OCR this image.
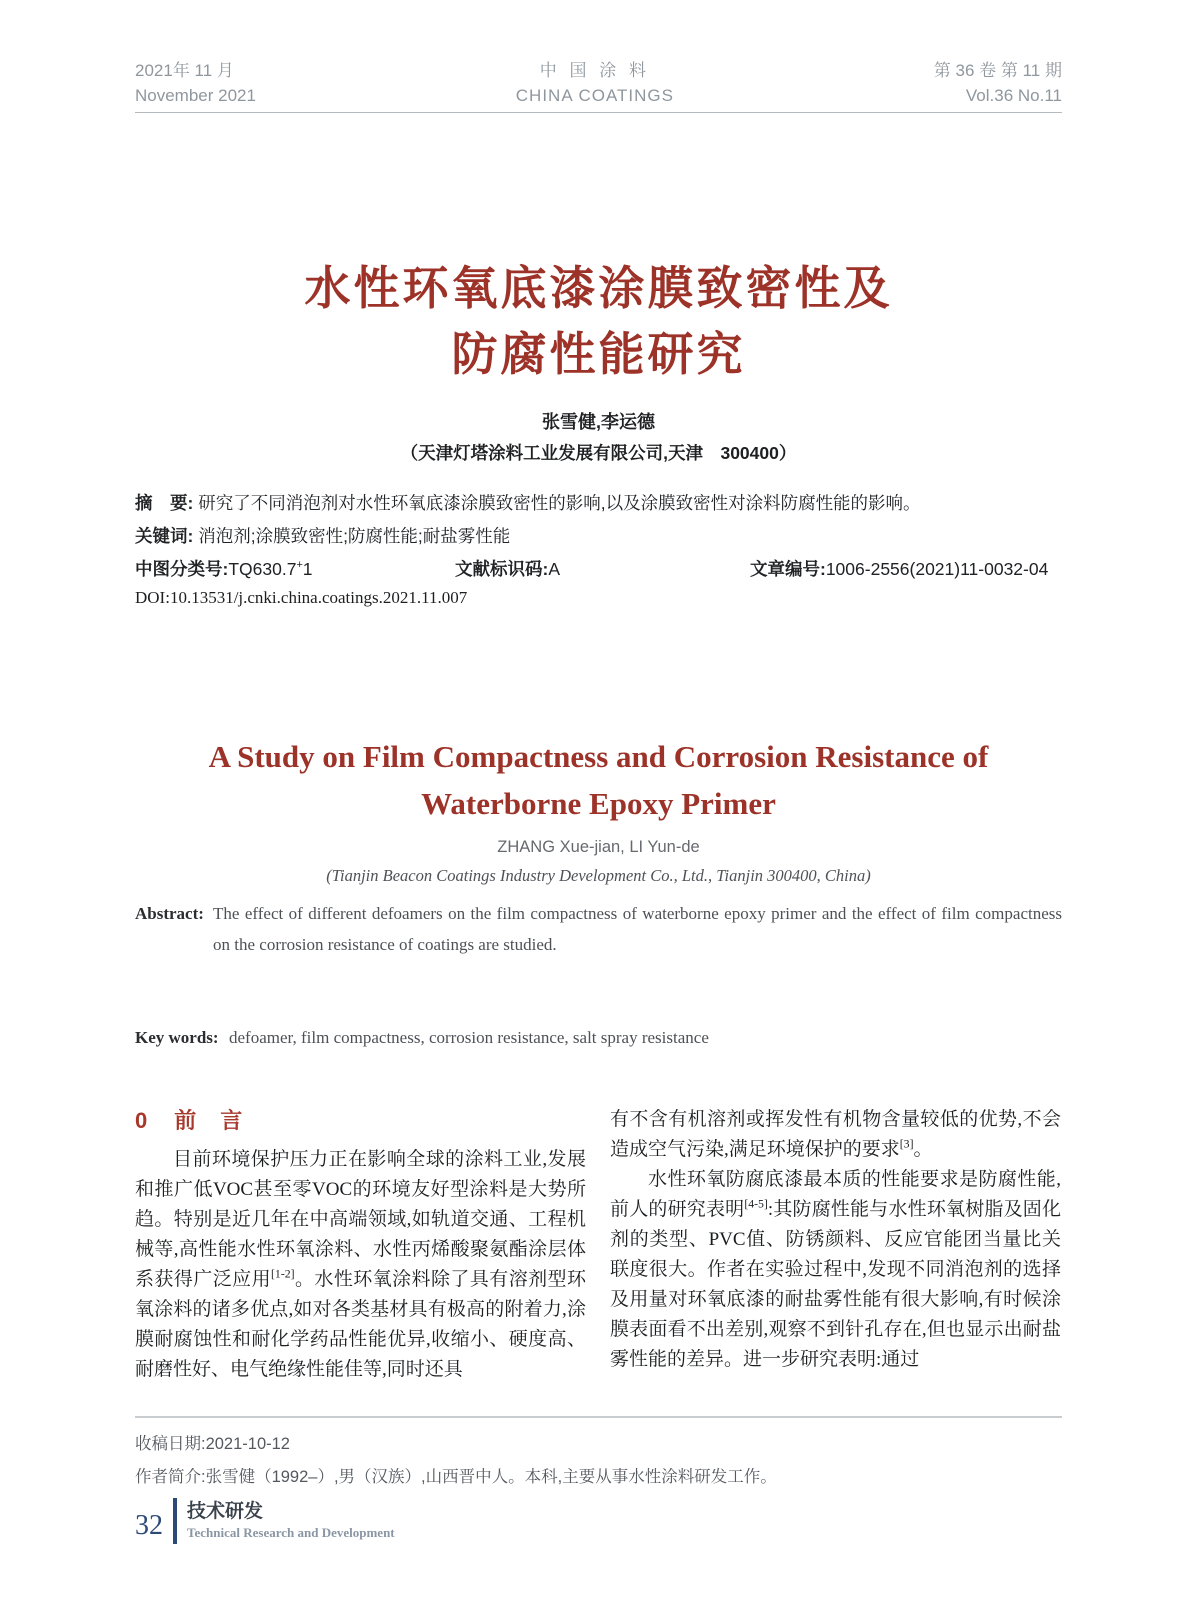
2021年 11 月
November 2021
中 国 涂 料
CHINA COATINGS
第 36 卷 第 11 期
Vol.36 No.11
水性环氧底漆涂膜致密性及
防腐性能研究
张雪健,李运德
（天津灯塔涂料工业发展有限公司,天津　300400）
摘　要: 研究了不同消泡剂对水性环氧底漆涂膜致密性的影响,以及涂膜致密性对涂料防腐性能的影响。
关键词: 消泡剂;涂膜致密性;防腐性能;耐盐雾性能
中图分类号:TQ630.7+1	文献标识码:A	文章编号:1006-2556(2021)11-0032-04
DOI:10.13531/j.cnki.china.coatings.2021.11.007
A Study on Film Compactness and Corrosion Resistance of
Waterborne Epoxy Primer
ZHANG Xue-jian, LI Yun-de
(Tianjin Beacon Coatings Industry Development Co., Ltd., Tianjin 300400, China)
Abstract: The effect of different defoamers on the film compactness of waterborne epoxy primer and the effect of film compactness on the corrosion resistance of coatings are studied.
Key words: defoamer, film compactness, corrosion resistance, salt spray resistance
0 前　言

目前环境保护压力正在影响全球的涂料工业,发展和推广低VOC甚至零VOC的环境友好型涂料是大势所趋。特别是近几年在中高端领域,如轨道交通、工程机械等,高性能水性环氧涂料、水性丙烯酸聚氨酯涂层体系获得广泛应用[1-2]。水性环氧涂料除了具有溶剂型环氧涂料的诸多优点,如对各类基材具有极高的附着力,涂膜耐腐蚀性和耐化学药品性能优异,收缩小、硬度高、耐磨性好、电气绝缘性能佳等,同时还具

有不含有机溶剂或挥发性有机物含量较低的优势,不会造成空气污染,满足环境保护的要求[3]。

水性环氧防腐底漆最本质的性能要求是防腐性能,前人的研究表明[4-5]:其防腐性能与水性环氧树脂及固化剂的类型、PVC值、防锈颜料、反应官能团当量比关联度很大。作者在实验过程中,发现不同消泡剂的选择及用量对环氧底漆的耐盐雾性能有很大影响,有时候涂膜表面看不出差别,观察不到针孔存在,但也显示出耐盐雾性能的差异。进一步研究表明:通过

收稿日期:2021-10-12
作者简介:张雪健（1992–）,男（汉族）,山西晋中人。本科,主要从事水性涂料研发工作。
32 技术研发
Technical Research and Development
